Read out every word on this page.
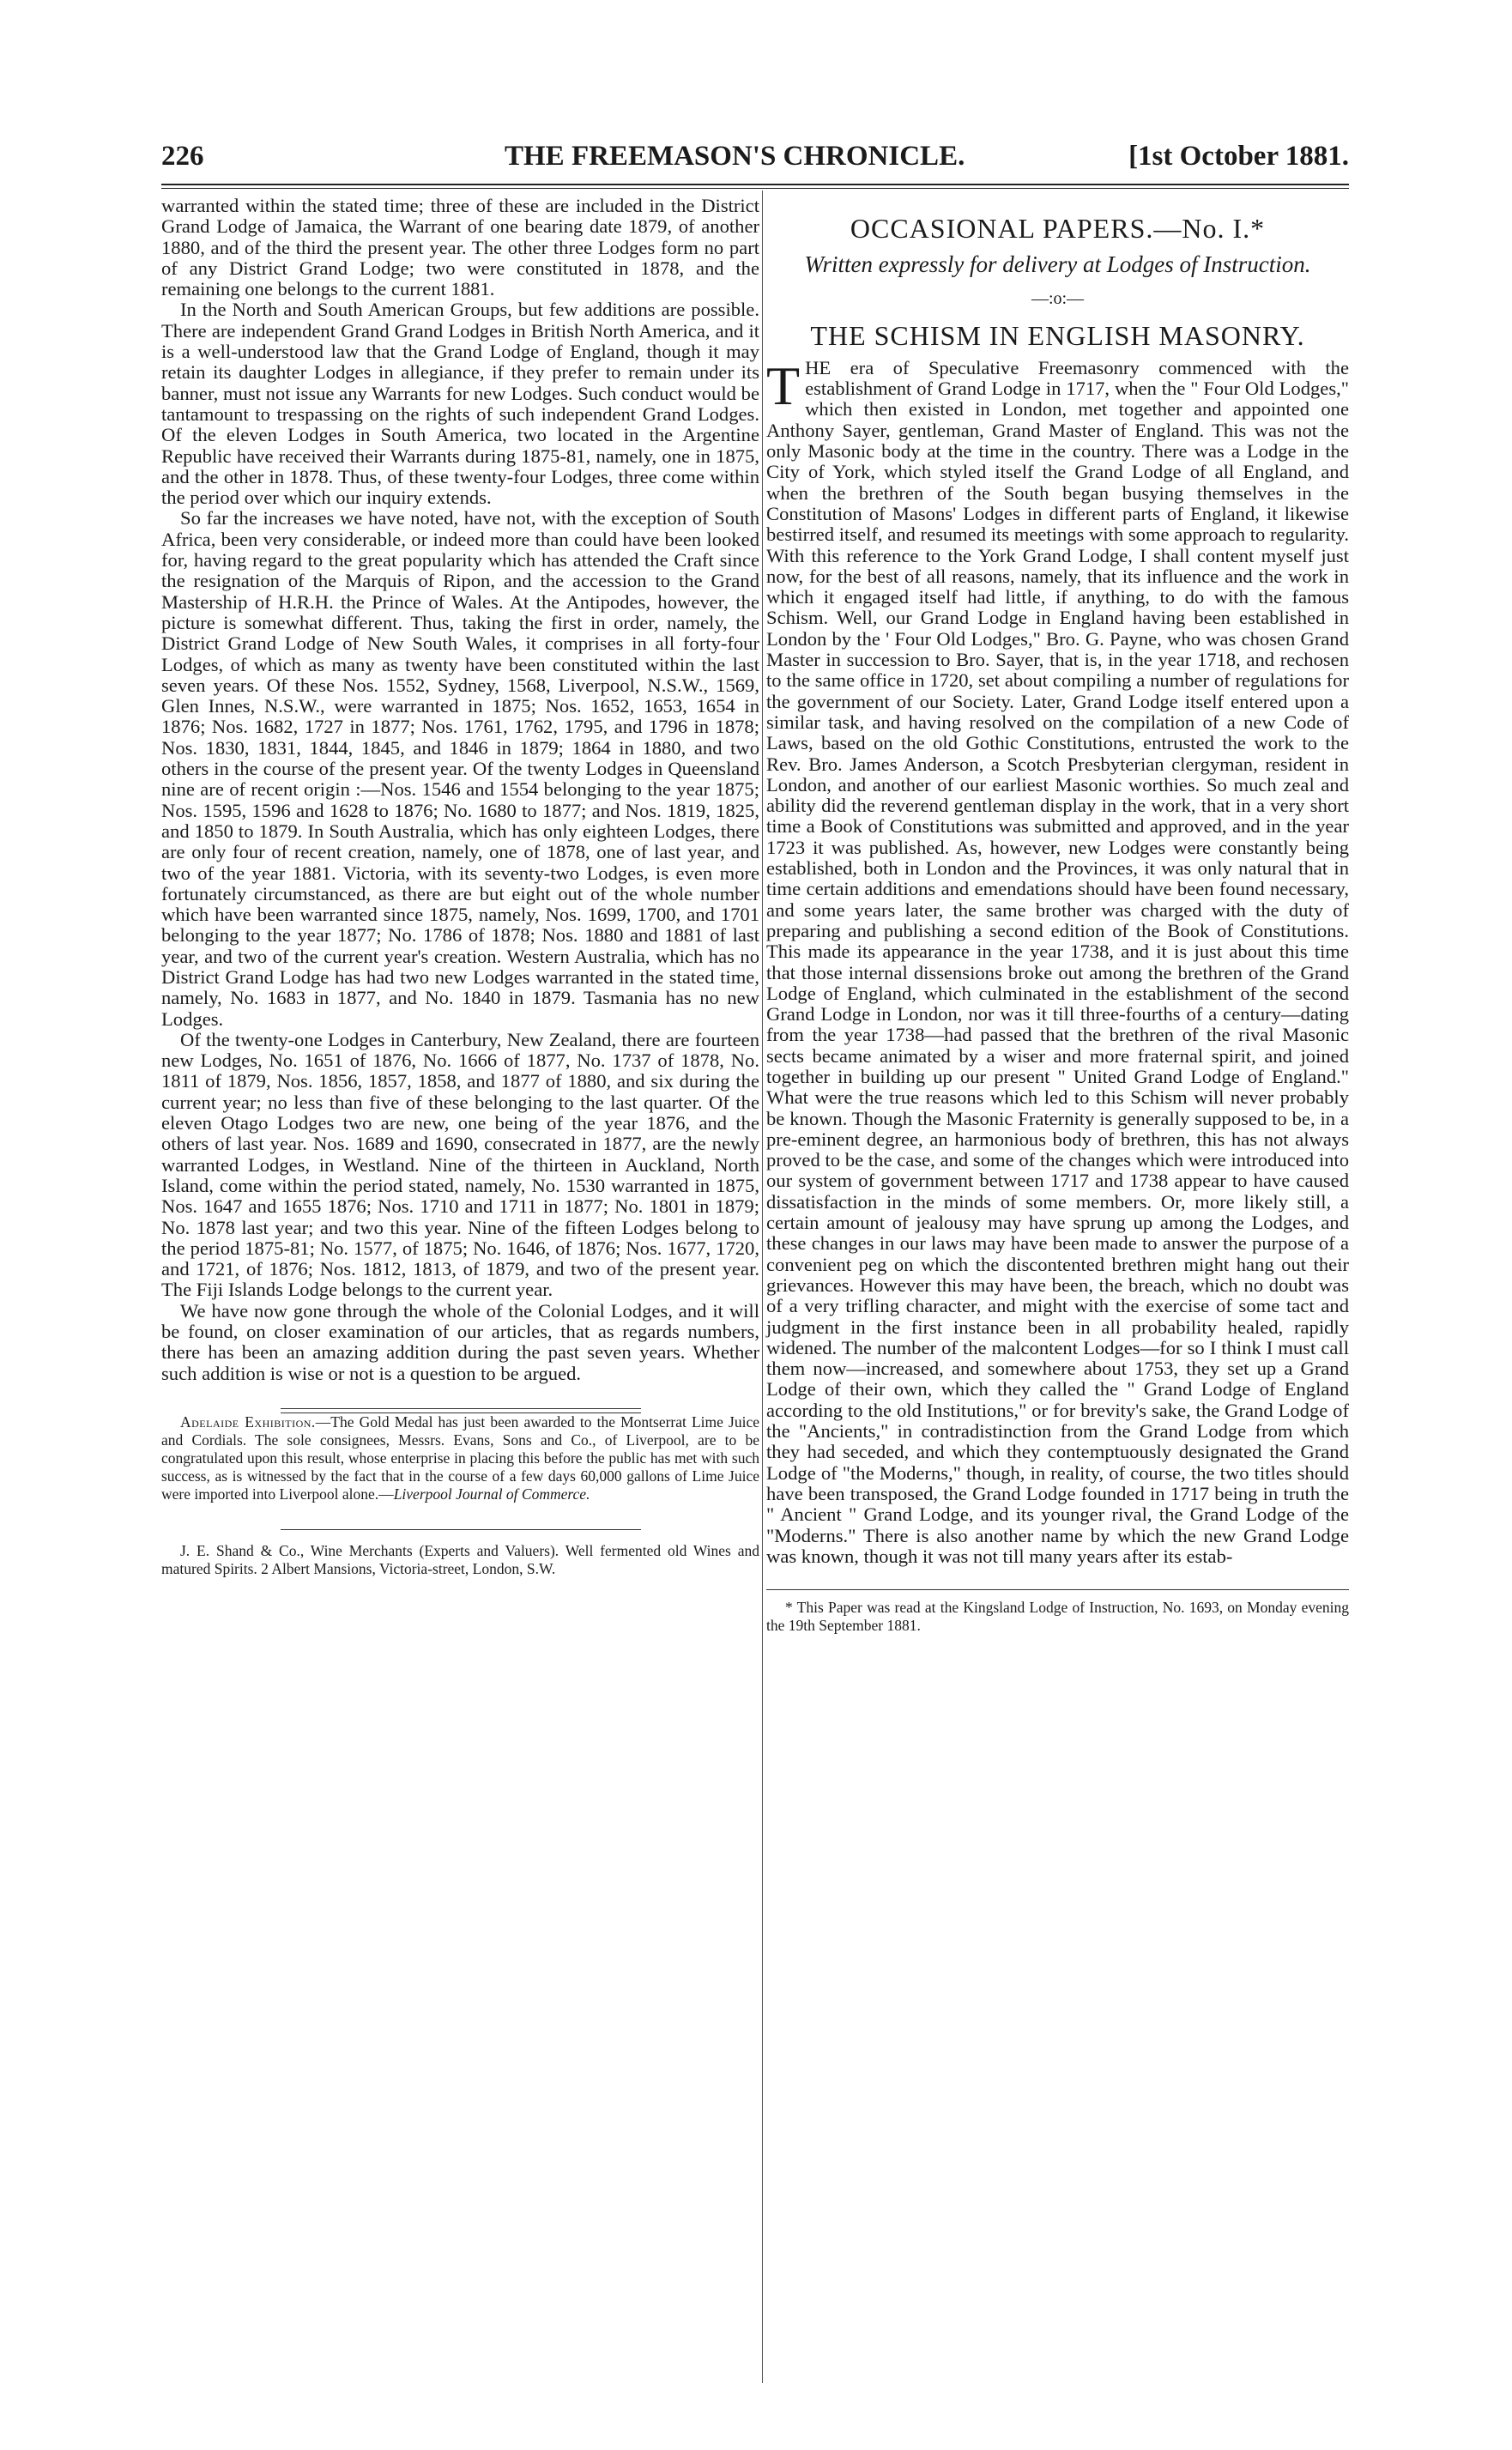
226	THE FREEMASON'S CHRONICLE.	[1st October 1881.

warranted within the stated time; three of these are included in the District Grand Lodge of Jamaica, the Warrant of one bearing date 1879, of another 1880, and of the third the present year. The other three Lodges form no part of any District Grand Lodge; two were constituted in 1878, and the remaining one belongs to the current 1881.

In the North and South American Groups, but few additions are possible. There are independent Grand Grand Lodges in British North America, and it is a well-understood law that the Grand Lodge of England, though it may retain its daughter Lodges in allegiance, if they prefer to remain under its banner, must not issue any Warrants for new Lodges. Such conduct would be tantamount to trespassing on the rights of such independent Grand Lodges. Of the eleven Lodges in South America, two located in the Argentine Republic have received their Warrants during 1875-81, namely, one in 1875, and the other in 1878. Thus, of these twenty-four Lodges, three come within the period over which our inquiry extends.

So far the increases we have noted, have not, with the exception of South Africa, been very considerable, or indeed more than could have been looked for, having regard to the great popularity which has attended the Craft since the resignation of the Marquis of Ripon, and the accession to the Grand Mastership of H.R.H. the Prince of Wales. At the Antipodes, however, the picture is somewhat different. Thus, taking the first in order, namely, the District Grand Lodge of New South Wales, it comprises in all forty-four Lodges, of which as many as twenty have been constituted within the last seven years. Of these Nos. 1552, Sydney, 1568, Liverpool, N.S.W., 1569, Glen Innes, N.S.W., were warranted in 1875; Nos. 1652, 1653, 1654 in 1876; Nos. 1682, 1727 in 1877; Nos. 1761, 1762, 1795, and 1796 in 1878; Nos. 1830, 1831, 1844, 1845, and 1846 in 1879; 1864 in 1880, and two others in the course of the present year. Of the twenty Lodges in Queensland nine are of recent origin :—Nos. 1546 and 1554 belonging to the year 1875; Nos. 1595, 1596 and 1628 to 1876; No. 1680 to 1877; and Nos. 1819, 1825, and 1850 to 1879. In South Australia, which has only eighteen Lodges, there are only four of recent creation, namely, one of 1878, one of last year, and two of the year 1881. Victoria, with its seventy-two Lodges, is even more fortunately circumstanced, as there are but eight out of the whole number which have been warranted since 1875, namely, Nos. 1699, 1700, and 1701 belonging to the year 1877; No. 1786 of 1878; Nos. 1880 and 1881 of last year, and two of the current year's creation. Western Australia, which has no District Grand Lodge has had two new Lodges warranted in the stated time, namely, No. 1683 in 1877, and No. 1840 in 1879. Tasmania has no new Lodges.

Of the twenty-one Lodges in Canterbury, New Zealand, there are fourteen new Lodges, No. 1651 of 1876, No. 1666 of 1877, No. 1737 of 1878, No. 1811 of 1879, Nos. 1856, 1857, 1858, and 1877 of 1880, and six during the current year; no less than five of these belonging to the last quarter. Of the eleven Otago Lodges two are new, one being of the year 1876, and the others of last year. Nos. 1689 and 1690, consecrated in 1877, are the newly warranted Lodges, in Westland. Nine of the thirteen in Auckland, North Island, come within the period stated, namely, No. 1530 warranted in 1875, Nos. 1647 and 1655 1876; Nos. 1710 and 1711 in 1877; No. 1801 in 1879; No. 1878 last year; and two this year. Nine of the fifteen Lodges belong to the period 1875-81; No. 1577, of 1875; No. 1646, of 1876; Nos. 1677, 1720, and 1721, of 1876; Nos. 1812, 1813, of 1879, and two of the present year. The Fiji Islands Lodge belongs to the current year.

We have now gone through the whole of the Colonial Lodges, and it will be found, on closer examination of our articles, that as regards numbers, there has been an amazing addition during the past seven years. Whether such addition is wise or not is a question to be argued.

Adelaide Exhibition.—The Gold Medal has just been awarded to the Montserrat Lime Juice and Cordials. The sole consignees, Messrs. Evans, Sons and Co., of Liverpool, are to be congratulated upon this result, whose enterprise in placing this before the public has met with such success, as is witnessed by the fact that in the course of a few days 60,000 gallons of Lime Juice were imported into Liverpool alone.—Liverpool Journal of Commerce.

J. E. Shand & Co., Wine Merchants (Experts and Valuers). Well fermented old Wines and matured Spirits. 2 Albert Mansions, Victoria-street, London, S.W.

OCCASIONAL PAPERS.—No. I.*
Written expressly for delivery at Lodges of Instruction.
—:o:—
THE SCHISM IN ENGLISH MASONRY.

THE era of Speculative Freemasonry commenced with the establishment of Grand Lodge in 1717, when the " Four Old Lodges," which then existed in London, met together and appointed one Anthony Sayer, gentleman, Grand Master of England. This was not the only Masonic body at the time in the country. There was a Lodge in the City of York, which styled itself the Grand Lodge of all England, and when the brethren of the South began busying themselves in the Constitution of Masons' Lodges in different parts of England, it likewise bestirred itself, and resumed its meetings with some approach to regularity. With this reference to the York Grand Lodge, I shall content myself just now, for the best of all reasons, namely, that its influence and the work in which it engaged itself had little, if anything, to do with the famous Schism. Well, our Grand Lodge in England having been established in London by the ' Four Old Lodges," Bro. G. Payne, who was chosen Grand Master in succession to Bro. Sayer, that is, in the year 1718, and rechosen to the same office in 1720, set about compiling a number of regulations for the government of our Society. Later, Grand Lodge itself entered upon a similar task, and having resolved on the compilation of a new Code of Laws, based on the old Gothic Constitutions, entrusted the work to the Rev. Bro. James Anderson, a Scotch Presbyterian clergyman, resident in London, and another of our earliest Masonic worthies. So much zeal and ability did the reverend gentleman display in the work, that in a very short time a Book of Constitutions was submitted and approved, and in the year 1723 it was published. As, however, new Lodges were constantly being established, both in London and the Provinces, it was only natural that in time certain additions and emendations should have been found necessary, and some years later, the same brother was charged with the duty of preparing and publishing a second edition of the Book of Constitutions. This made its appearance in the year 1738, and it is just about this time that those internal dissensions broke out among the brethren of the Grand Lodge of England, which culminated in the establishment of the second Grand Lodge in London, nor was it till three-fourths of a century—dating from the year 1738—had passed that the brethren of the rival Masonic sects became animated by a wiser and more fraternal spirit, and joined together in building up our present " United Grand Lodge of England." What were the true reasons which led to this Schism will never probably be known. Though the Masonic Fraternity is generally supposed to be, in a pre-eminent degree, an harmonious body of brethren, this has not always proved to be the case, and some of the changes which were introduced into our system of government between 1717 and 1738 appear to have caused dissatisfaction in the minds of some members. Or, more likely still, a certain amount of jealousy may have sprung up among the Lodges, and these changes in our laws may have been made to answer the purpose of a convenient peg on which the discontented brethren might hang out their grievances. However this may have been, the breach, which no doubt was of a very trifling character, and might with the exercise of some tact and judgment in the first instance been in all probability healed, rapidly widened. The number of the malcontent Lodges—for so I think I must call them now—increased, and somewhere about 1753, they set up a Grand Lodge of their own, which they called the " Grand Lodge of England according to the old Institutions," or for brevity's sake, the Grand Lodge of the "Ancients," in contradistinction from the Grand Lodge from which they had seceded, and which they contemptuously designated the Grand Lodge of "the Moderns," though, in reality, of course, the two titles should have been transposed, the Grand Lodge founded in 1717 being in truth the " Ancient " Grand Lodge, and its younger rival, the Grand Lodge of the "Moderns." There is also another name by which the new Grand Lodge was known, though it was not till many years after its estab-

* This Paper was read at the Kingsland Lodge of Instruction, No. 1693, on Monday evening the 19th September 1881.
